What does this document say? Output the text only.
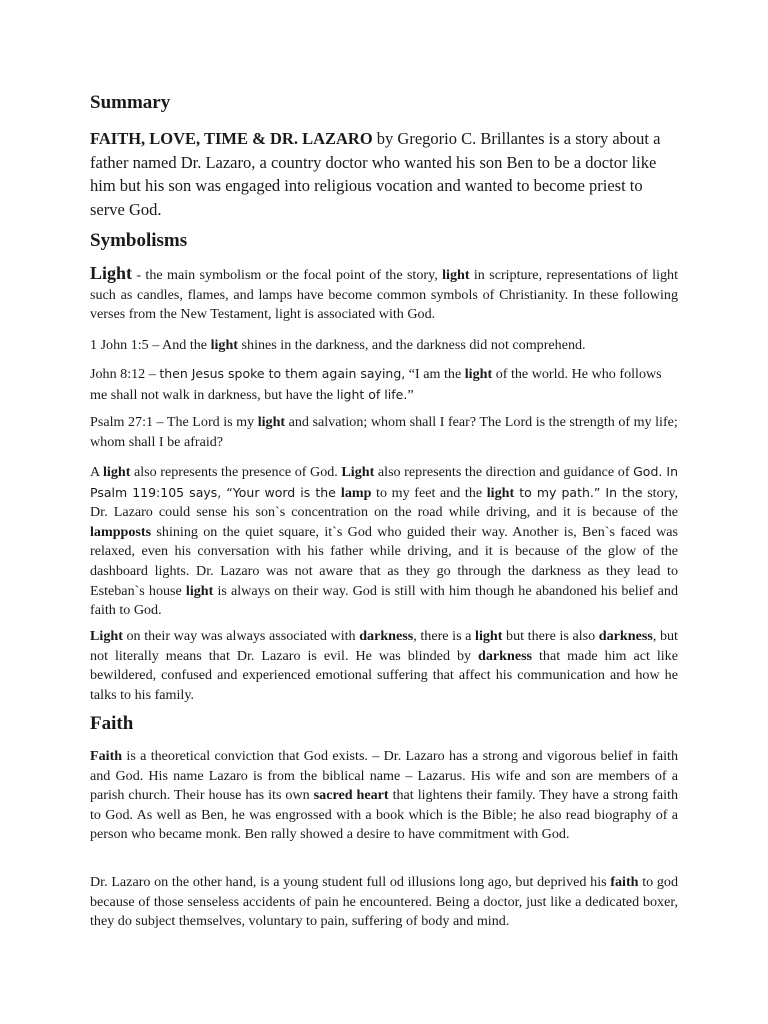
Summary

FAITH, LOVE, TIME & DR. LAZARO by Gregorio C. Brillantes is a story about a father named Dr. Lazaro, a country doctor who wanted his son Ben to be a doctor like him but his son was engaged into religious vocation and wanted to become priest to serve God.

Symbolisms

Light - the main symbolism or the focal point of the story, light in scripture, representations of light such as candles, flames, and lamps have become common symbols of Christianity. In these following verses from the New Testament, light is associated with God.

1 John 1:5 – And the light shines in the darkness, and the darkness did not comprehend.

John 8:12 – then Jesus spoke to them again saying, “I am the light of the world. He who follows me shall not walk in darkness, but have the light of life.”

Psalm 27:1 – The Lord is my light and salvation; whom shall I fear? The Lord is the strength of my life; whom shall I be afraid?

A light also represents the presence of God. Light also represents the direction and guidance of God. In Psalm 119:105 says, “Your word is the lamp to my feet and the light to my path.” In the story, Dr. Lazaro could sense his son`s concentration on the road while driving, and it is because of the lampposts shining on the quiet square, it`s God who guided their way. Another is, Ben`s faced was relaxed, even his conversation with his father while driving, and it is because of the glow of the dashboard lights. Dr. Lazaro was not aware that as they go through the darkness as they lead to Esteban`s house light is always on their way. God is still with him though he abandoned his belief and faith to God.

Light on their way was always associated with darkness, there is a light but there is also darkness, but not literally means that Dr. Lazaro is evil. He was blinded by darkness that made him act like bewildered, confused and experienced emotional suffering that affect his communication and how he talks to his family.

Faith

Faith is a theoretical conviction that God exists. – Dr. Lazaro has a strong and vigorous belief in faith and God. His name Lazaro is from the biblical name – Lazarus. His wife and son are members of a parish church. Their house has its own sacred heart that lightens their family. They have a strong faith to God. As well as Ben, he was engrossed with a book which is the Bible; he also read biography of a person who became monk. Ben rally showed a desire to have commitment with God.

Dr. Lazaro on the other hand, is a young student full od illusions long ago, but deprived his faith to god because of those senseless accidents of pain he encountered. Being a doctor, just like a dedicated boxer, they do subject themselves, voluntary to pain, suffering of body and mind.
